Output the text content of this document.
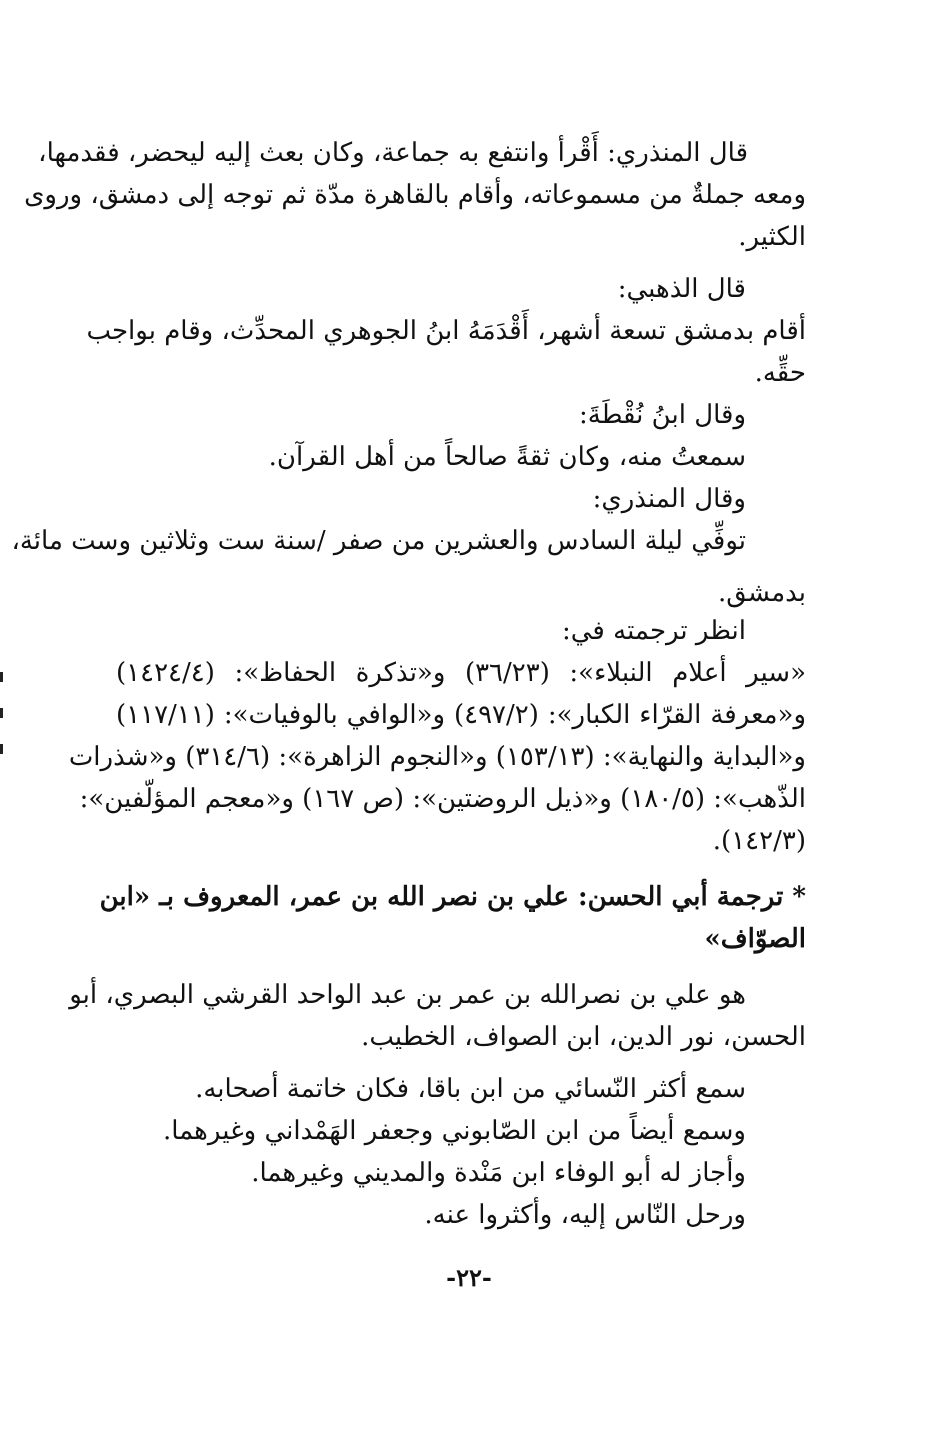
قال المنذري: أَقْرأ وانتفع به جماعة، وكان بعث إليه ليحضر، فقدمها،
ومعه جملةٌ من مسموعاته، وأقام بالقاهرة مدّة ثم توجه إلى دمشق، وروى
الكثير.
قال الذهبي:
أقام بدمشق تسعة أشهر، أَقْدَمَهُ ابنُ الجوهري المحدِّث، وقام بواجب
حقِّه.
وقال ابنُ نُقْطَةَ:
سمعتُ منه، وكان ثقةً صالحاً من أهل القرآن.
وقال المنذري:
توفِّي ليلة السادس والعشرين من صفر /سنة ست وثلاثين وست مائة،
بدمشق.
انظر ترجمته في:
«سير أعلام النبلاء»: (٣٦/٢٣) و«تذكرة الحفاظ»: (١٤٢٤/٤)
و«معرفة القرّاء الكبار»: (٤٩٧/٢) و«الوافي بالوفيات»: (١١٧/١١)
و«البداية والنهاية»: (١٥٣/١٣) و«النجوم الزاهرة»: (٣١٤/٦) و«شذرات
الذّهب»: (١٨٠/٥) و«ذيل الروضتين»: (ص ١٦٧) و«معجم المؤلّفين»:
(١٤٢/٣).
* ترجمة أبي الحسن: علي بن نصر الله بن عمر، المعروف بـ «ابن
الصوّاف»
هو علي بن نصرالله بن عمر بن عبد الواحد القرشي البصري، أبو
الحسن، نور الدين، ابن الصواف، الخطيب.
سمع أكثر النّسائي من ابن باقا، فكان خاتمة أصحابه.
وسمع أيضاً من ابن الصّابوني وجعفر الهَمْداني وغيرهما.
وأجاز له أبو الوفاء ابن مَنْدة والمديني وغيرهما.
ورحل النّاس إليه، وأكثروا عنه.
-٢٢-
